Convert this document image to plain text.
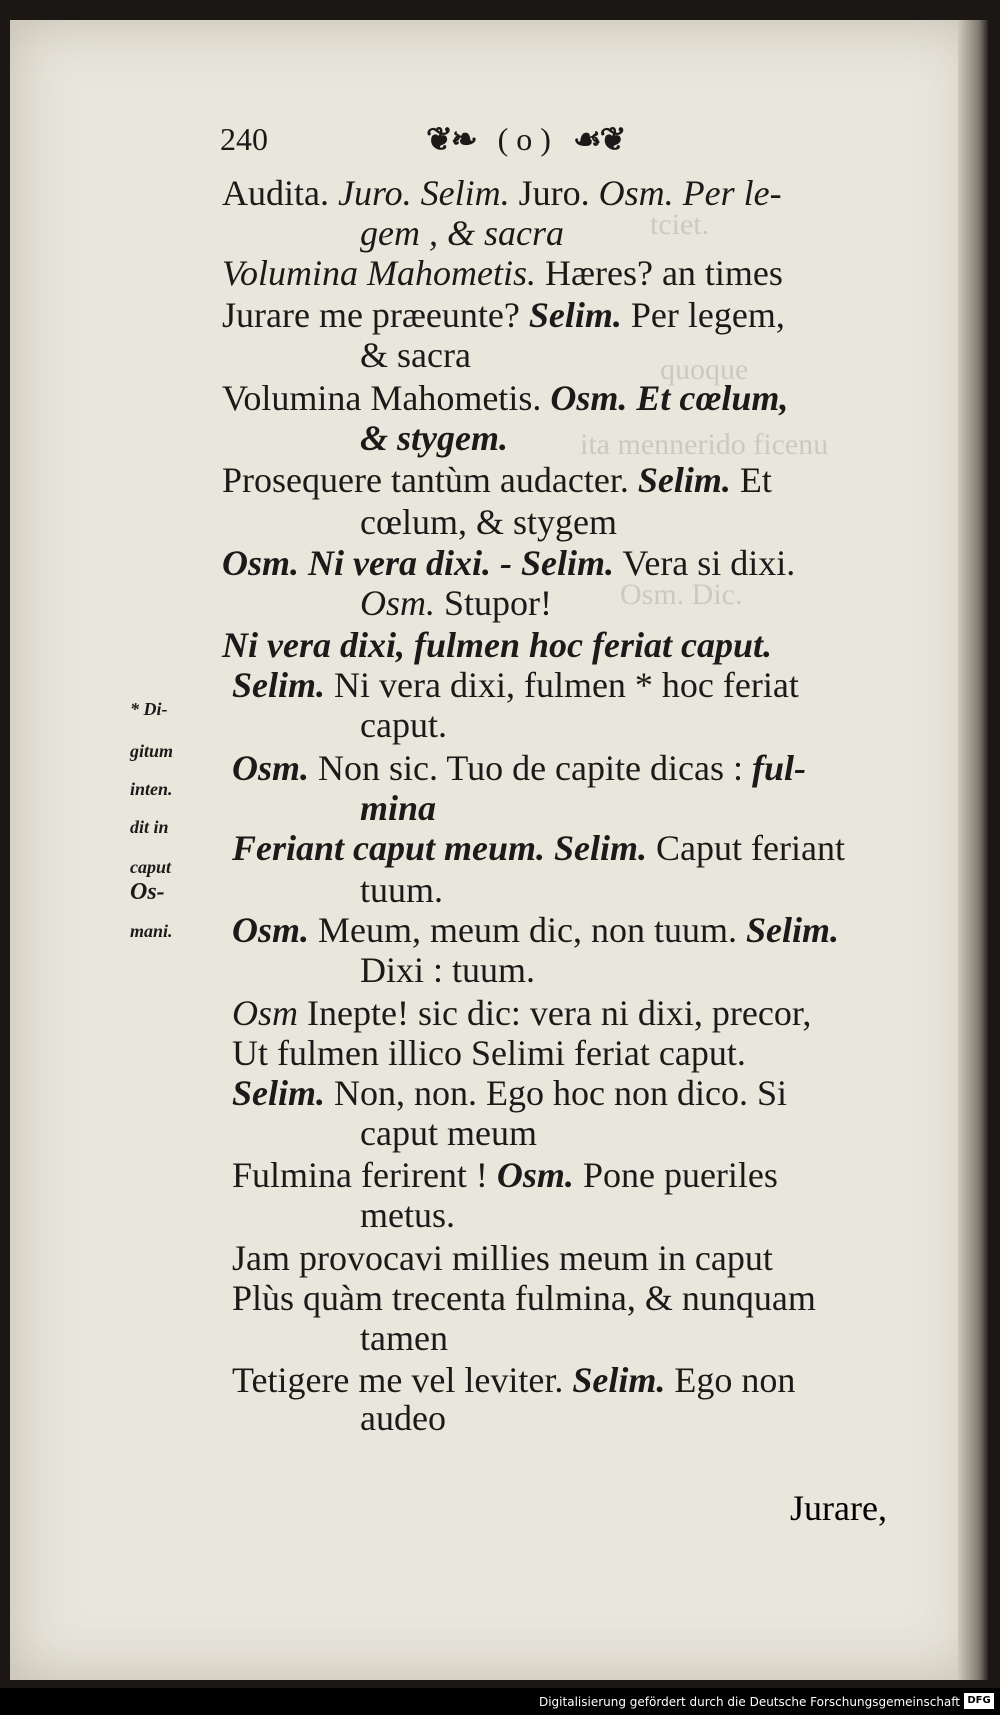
tciet.
quoque
ita mennerido ficenu
Osm. Dic.
240	❦❧ ( o ) ☙❦
Audita. Juro. Selim. Juro. Osm. Per le-
gem , & sacra
Volumina Mahometis. Hæres? an times
Jurare me præeunte? Selim. Per legem,
& sacra
Volumina Mahometis. Osm. Et cœlum,
& stygem.
Prosequere tantùm audacter. Selim. Et
cœlum, & stygem
Osm. Ni vera dixi. - Selim. Vera si dixi.
Osm. Stupor!
Ni vera dixi, fulmen hoc feriat caput.
Selim. Ni vera dixi, fulmen * hoc feriat
caput.
Osm. Non sic. Tuo de capite dicas : ful-
mina
Feriant caput meum. Selim. Caput feriant
tuum.
Osm. Meum, meum dic, non tuum. Selim.
Dixi : tuum.
Osm Inepte! sic dic: vera ni dixi, precor,
Ut fulmen illico Selimi feriat caput.
Selim. Non, non. Ego hoc non dico. Si
caput meum
Fulmina ferirent ! Osm. Pone pueriles
metus.
Jam provocavi millies meum in caput
Plùs quàm trecenta fulmina, & nunquam
tamen
Tetigere me vel leviter. Selim. Ego non
audeo
* Di-
gitum
inten.
dit in
caput
Os-
mani.
Jurare,
Digitalisierung gefördert durch die Deutsche Forschungsgemeinschaft DFG
